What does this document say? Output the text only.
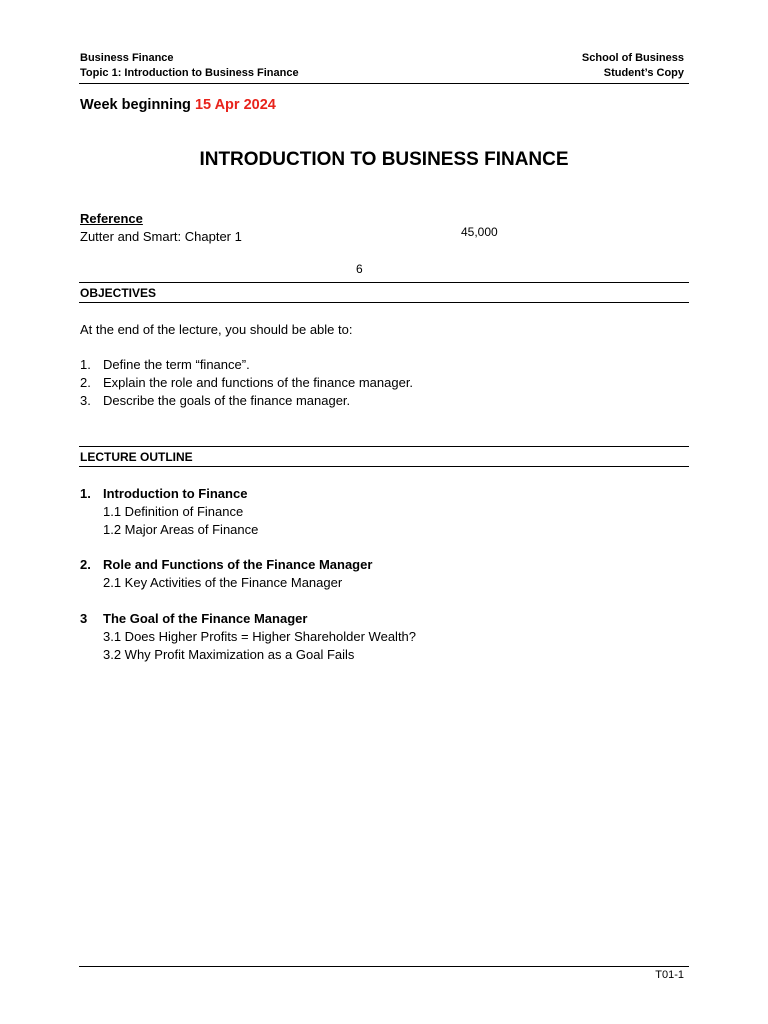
Business Finance
Topic 1: Introduction to Business Finance
School of Business
Student’s Copy
Week beginning 15 Apr 2024
INTRODUCTION TO BUSINESS FINANCE
Reference
Zutter and Smart: Chapter 1	45,000
6
OBJECTIVES
At the end of the lecture, you should be able to:
1. Define the term “finance”.
2. Explain the role and functions of the finance manager.
3. Describe the goals of the finance manager.
LECTURE OUTLINE
1. Introduction to Finance
1.1 Definition of Finance
1.2 Major Areas of Finance
2. Role and Functions of the Finance Manager
2.1 Key Activities of the Finance Manager
3 The Goal of the Finance Manager
3.1 Does Higher Profits = Higher Shareholder Wealth?
3.2 Why Profit Maximization as a Goal Fails
T01-1
